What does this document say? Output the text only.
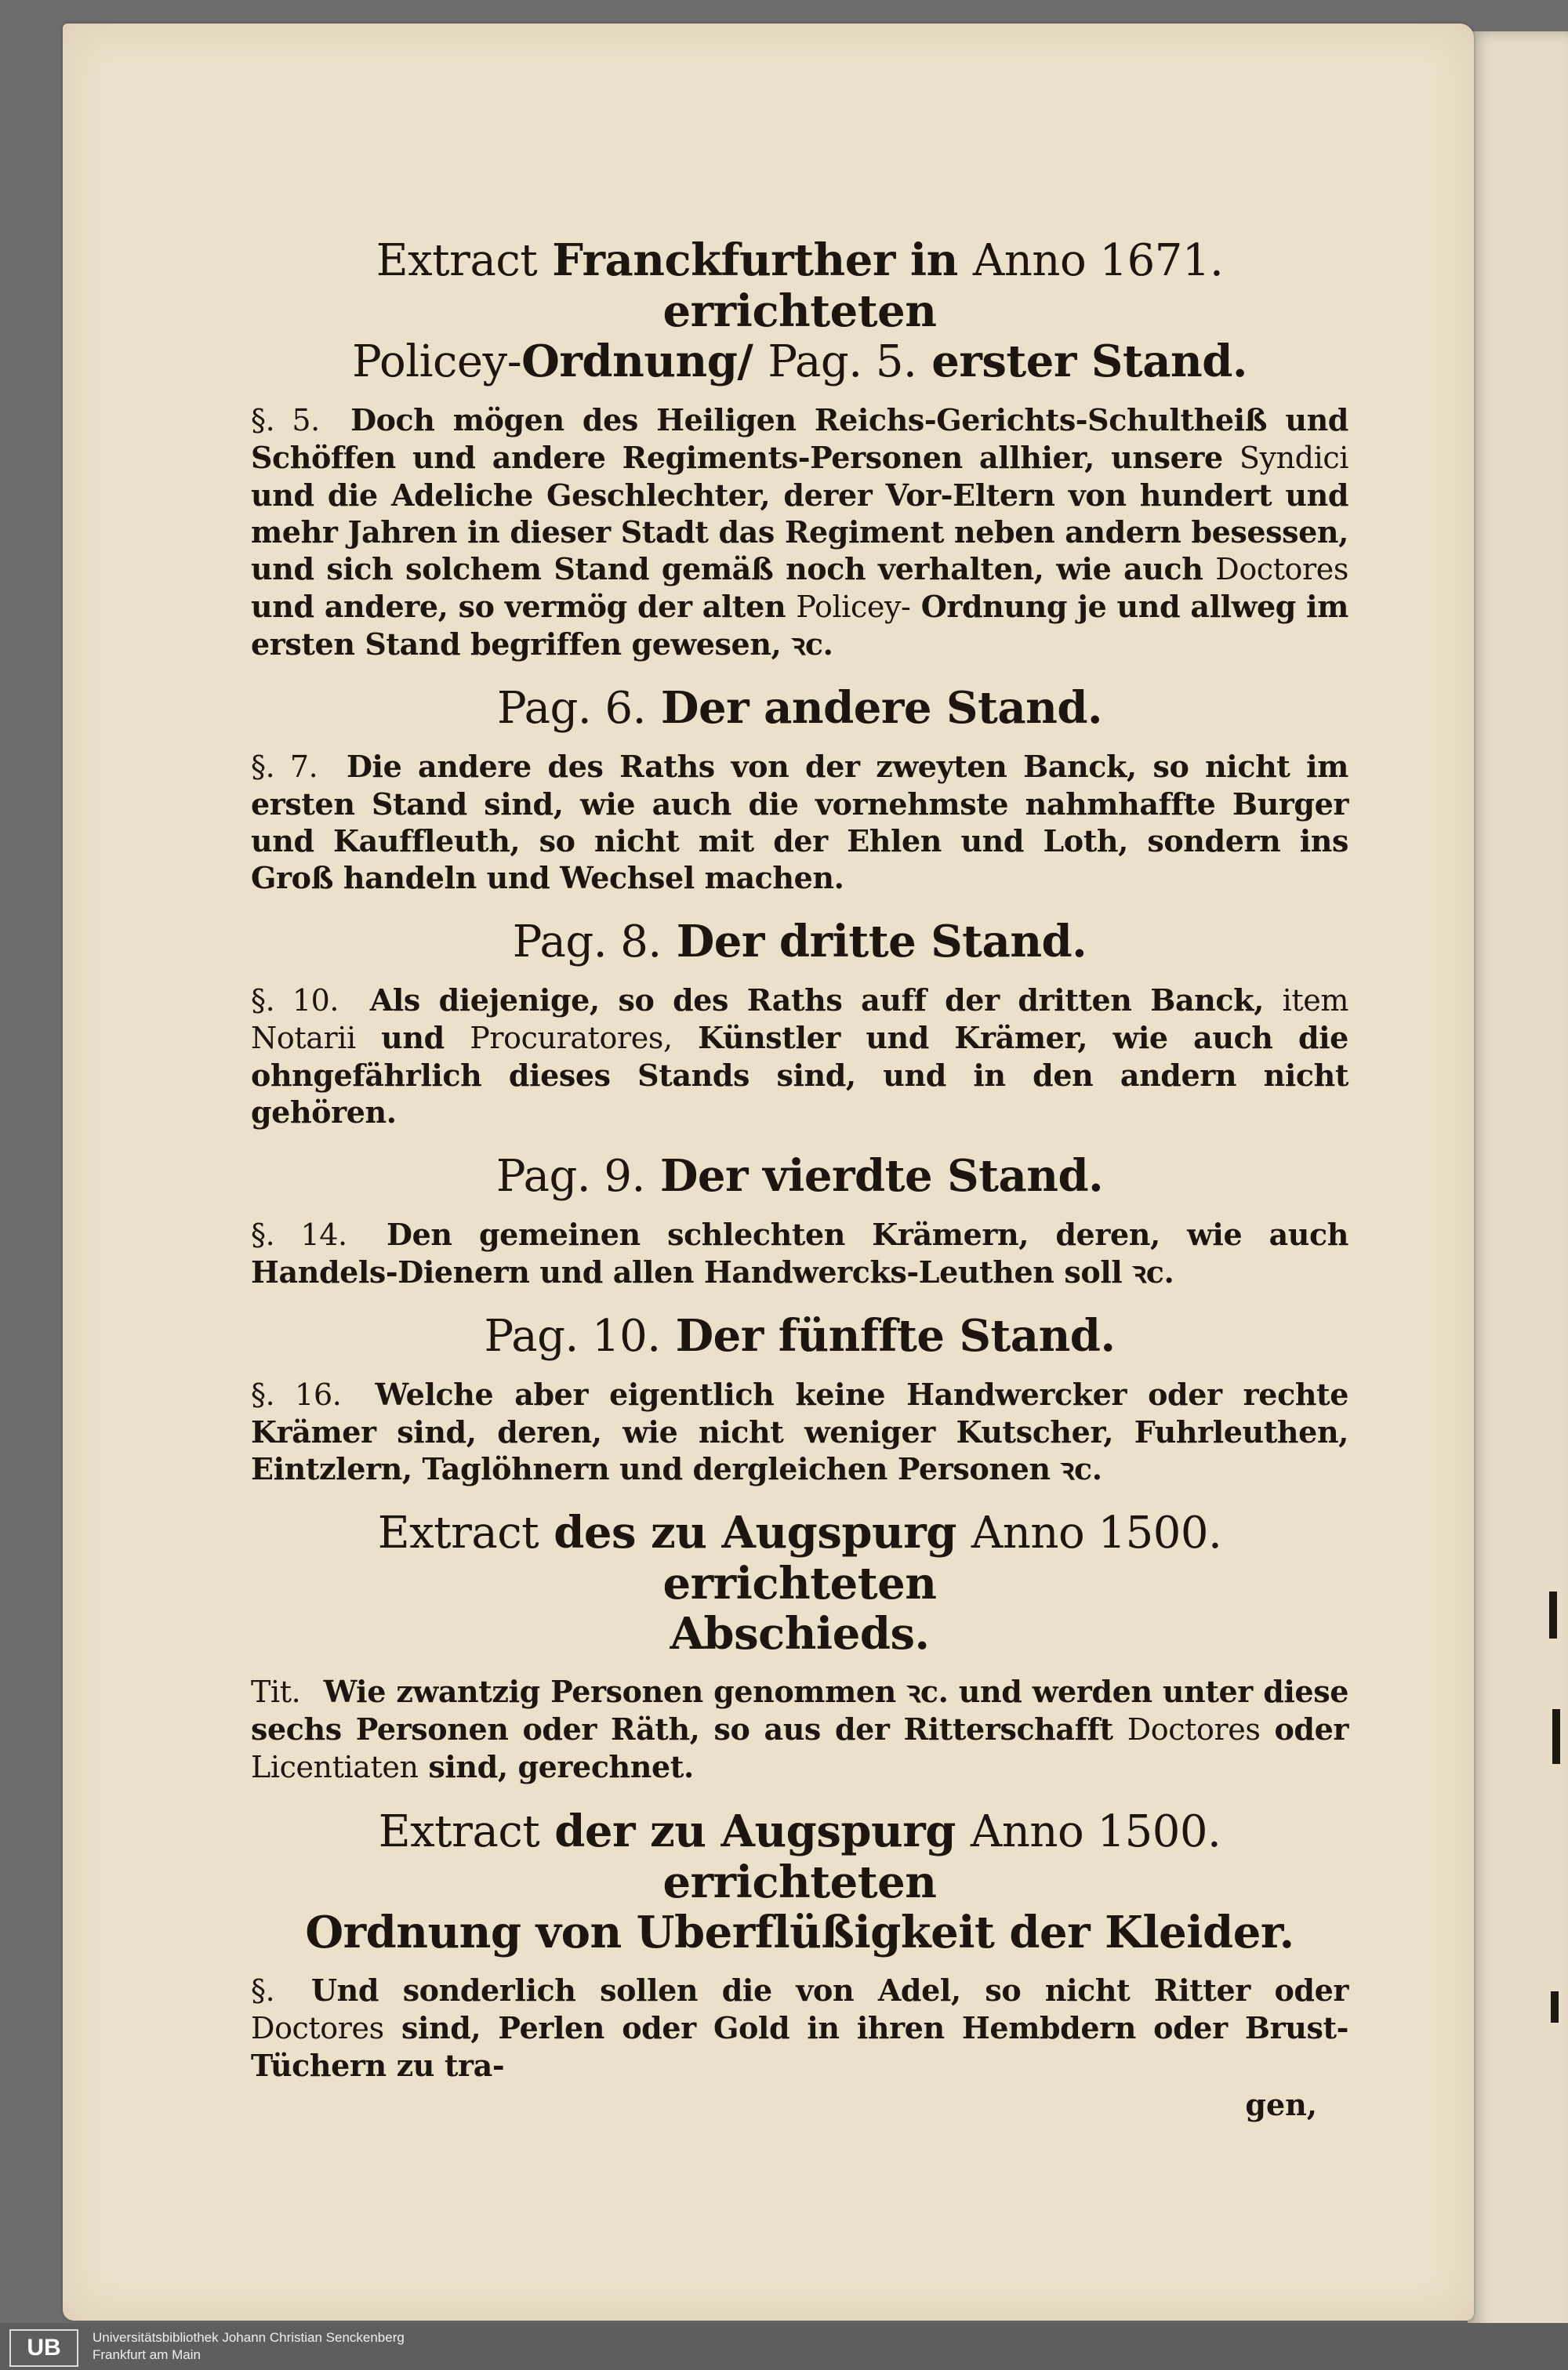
Extract Franckfurther in Anno 1671. errichteten
Policey-Ordnung/ Pag. 5. erster Stand.

§. 5. Doch mögen des Heiligen Reichs-Gerichts-Schultheiß und Schöffen und andere Regiments-Personen allhier, unsere Syndici und die Adeliche Geschlechter, derer Vor-Eltern von hundert und mehr Jahren in dieser Stadt das Regiment neben andern besessen, und sich solchem Stand gemäß noch verhalten, wie auch Doctores und andere, so vermög der alten Policey- Ordnung je und allweg im ersten Stand begriffen gewesen, ꝛc.

Pag. 6. Der andere Stand.

§. 7. Die andere des Raths von der zweyten Banck, so nicht im ersten Stand sind, wie auch die vornehmste nahmhaffte Burger und Kauffleuth, so nicht mit der Ehlen und Loth, sondern ins Groß handeln und Wechsel machen.

Pag. 8. Der dritte Stand.

§. 10. Als diejenige, so des Raths auff der dritten Banck, item Notarii und Procuratores, Künstler und Krämer, wie auch die ohngefährlich dieses Stands sind, und in den andern nicht gehören.

Pag. 9. Der vierdte Stand.

§. 14. Den gemeinen schlechten Krämern, deren, wie auch Handels-Dienern und allen Handwercks-Leuthen soll ꝛc.

Pag. 10. Der fünffte Stand.

§. 16. Welche aber eigentlich keine Handwercker oder rechte Krämer sind, deren, wie nicht weniger Kutscher, Fuhrleuthen, Eintzlern, Taglöhnern und dergleichen Personen ꝛc.

Extract des zu Augspurg Anno 1500. errichteten
Abschieds.

Tit. Wie zwantzig Personen genommen ꝛc. und werden unter diese sechs Personen oder Räth, so aus der Ritterschafft Doctores oder Licentiaten sind, gerechnet.

Extract der zu Augspurg Anno 1500. errichteten
Ordnung von Uberflüßigkeit der Kleider.

§. Und sonderlich sollen die von Adel, so nicht Ritter oder Doctores sind, Perlen oder Gold in ihren Hembdern oder Brust-Tüchern zu tra-

gen,
UB	Universitätsbibliothek Johann Christian Senckenberg
Frankfurt am Main
